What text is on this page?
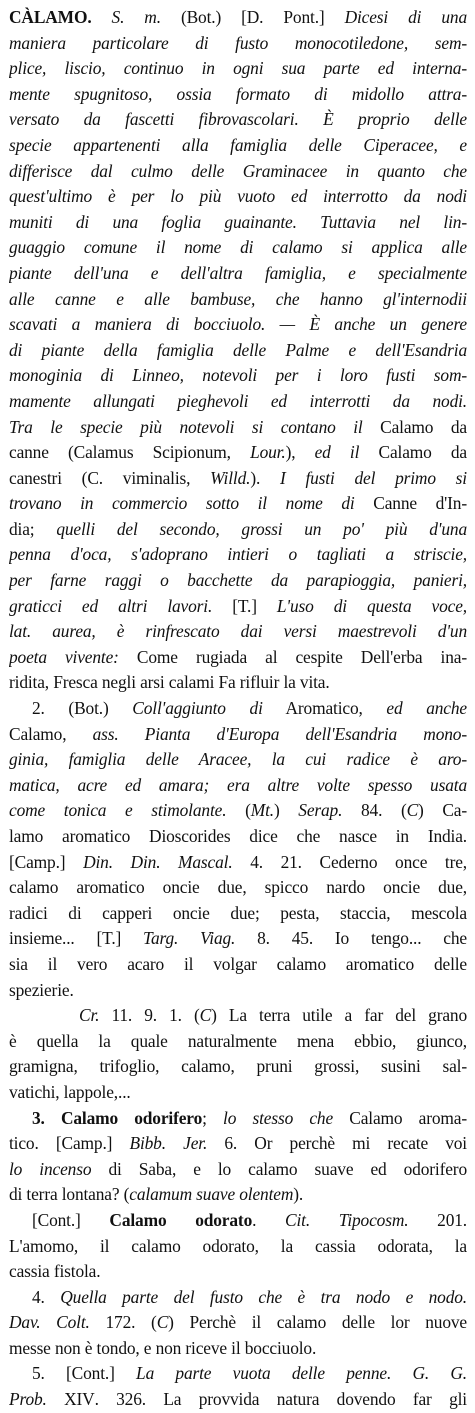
CÀLAMO. S. m. (Bot.) [D. Pont.] Dicesi di una
maniera particolare di fusto monocotiledone, sem-
plice, liscio, continuo in ogni sua parte ed interna-
mente spugnitoso, ossia formato di midollo attra-
versato da fascetti fibrovascolari. È proprio delle
specie appartenenti alla famiglia delle Ciperacee, e
differisce dal culmo delle Graminacee in quanto che
quest'ultimo è per lo più vuoto ed interrotto da nodi
muniti di una foglia guainante. Tuttavia nel lin-
guaggio comune il nome di calamo si applica alle
piante dell'una e dell'altra famiglia, e specialmente
alle canne e alle bambuse, che hanno gl'internodii
scavati a maniera di bocciuolo. — È anche un genere
di piante della famiglia delle Palme e dell'Esandria
monoginia di Linneo, notevoli per i loro fusti som-
mamente allungati pieghevoli ed interrotti da nodi.
Tra le specie più notevoli si contano il Calamo da
canne (Calamus Scipionum, Lour.), ed il Calamo da
canestri (C. viminalis, Willd.). I fusti del primo si
trovano in commercio sotto il nome di Canne d'In-
dia; quelli del secondo, grossi un po' più d'una
penna d'oca, s'adoprano intieri o tagliati a striscie,
per farne raggi o bacchette da parapioggia, panieri,
graticci ed altri lavori. [T.] L'uso di questa voce,
lat. aurea, è rinfrescato dai versi maestrevoli d'un
poeta vivente: Come rugiada al cespite Dell'erba ina-
ridita, Fresca negli arsi calami Fa rifluir la vita.
2. (Bot.) Coll'aggiunto di Aromatico, ed anche
Calamo, ass. Pianta d'Europa dell'Esandria mono-
ginia, famiglia delle Aracee, la cui radice è aro-
matica, acre ed amara; era altre volte spesso usata
come tonica e stimolante. (Mt.) Serap. 84. (C) Ca-
lamo aromatico Dioscorides dice che nasce in India.
[Camp.] Din. Din. Mascal. 4. 21. Cederno once tre,
calamo aromatico oncie due, spicco nardo oncie due,
radici di capperi oncie due; pesta, staccia, mescola
insieme... [T.] Targ. Viag. 8. 45. Io tengo... che
sia il vero acaro il volgar calamo aromatico delle
spezierie.
Cr. 11. 9. 1. (C) La terra utile a far del grano
è quella la quale naturalmente mena ebbio, giunco,
gramigna, trifoglio, calamo, pruni grossi, susini sal-
vatichi, lappole,...
3. Calamo odorifero; lo stesso che Calamo aroma-
tico. [Camp.] Bibb. Jer. 6. Or perchè mi recate voi
lo incenso di Saba, e lo calamo suave ed odorifero
di terra lontana? (calamum suave olentem).
[Cont.] Calamo odorato. Cit. Tipocosm. 201.
L'amomo, il calamo odorato, la cassia odorata, la
cassia fistola.
4. Quella parte del fusto che è tra nodo e nodo.
Dav. Colt. 172. (C) Perchè il calamo delle lor nuove
messe non è tondo, e non riceve il bocciuolo.
5. [Cont.] La parte vuota delle penne. G. G.
Prob. XIV. 326. La provvida natura dovendo far gli
